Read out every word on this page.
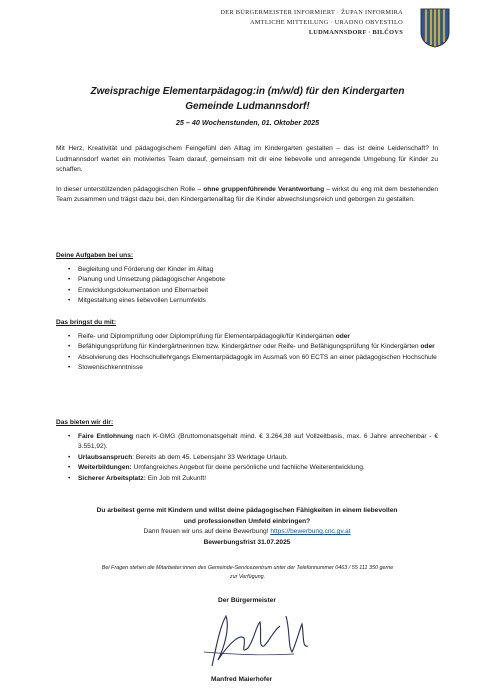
DER BÜRGERMEISTER INFORMIERT · ŽUPAN INFORMIRA
AMTLICHE MITTEILUNG · URADNO OBVESTILO
LUDMANNSDORF · BILČOVS

Zweisprachige Elementarpädagog:in (m/w/d) für den Kindergarten

Gemeinde Ludmannsdorf!

25 – 40 Wochenstunden, 01. Oktober 2025

Mit Herz, Kreativität und pädagogischem Feingefühl den Alltag im Kindergarten gestalten – das ist deine Leidenschaft? In Ludmannsdorf wartet ein motiviertes Team darauf, gemeinsam mit dir eine liebevolle und anregende Umgebung für Kinder zu schaffen.

In dieser unterstützenden pädagogischen Rolle – ohne gruppenführende Verantwortung – wirkst du eng mit dem bestehenden Team zusammen und trägst dazu bei, den Kindergartenalltag für die Kinder abwechslungsreich und geborgen zu gestalten.

Deine Aufgaben bei uns:

• Begleitung und Förderung der Kinder im Alltag
• Planung und Umsetzung pädagogischer Angebote
• Entwicklungsdokumentation und Elternarbeit
• Mitgestaltung eines liebevollen Lernumfelds

Das bringst du mit:

• Reife- und Diplomprüfung oder Diplomprüfung für Elementarpädagogik/für Kindergärten oder
• Befähigungsprüfung für Kindergärtnerinnen bzw. Kindergärtner oder Reife- und Befähigungsprüfung für Kindergärten oder
• Absolvierung des Hochschullehrgangs Elementarpädagogik im Ausmaß von 60 ECTS an einer pädagogischen Hochschule
• Slowenischkenntnisse

Das bieten wir dir:

• Faire Entlohnung nach K-GMG (Bruttomonatsgehalt mind. € 3.264,38 auf Vollzeitbasis, max. 6 Jahre anrechenbar - € 3.551,92).
• Urlaubsanspruch: Bereits ab dem 45. Lebensjahr 33 Werktage Urlaub.
• Weiterbildungen: Umfangreiches Angebot für deine persönliche und fachliche Weiterentwicklung.
• Sicherer Arbeitsplatz: Ein Job mit Zukunft!

Du arbeitest gerne mit Kindern und willst deine pädagogischen Fähigkeiten in einem liebevollen

und professionellen Umfeld einbringen?

Dann freuen wir uns auf deine Bewerbung! https://bewerbung.cnc.gv.at

Bewerbungsfrist 31.07.2025

Bei Fragen stehen die Mitarbeiter:innen des Gemeinde-Servicezentrum unter der Telefonnummer 0463 / 55 111 350 gerne
zur Verfügung.
Der Bürgermeister
Manfred Maierhofer
